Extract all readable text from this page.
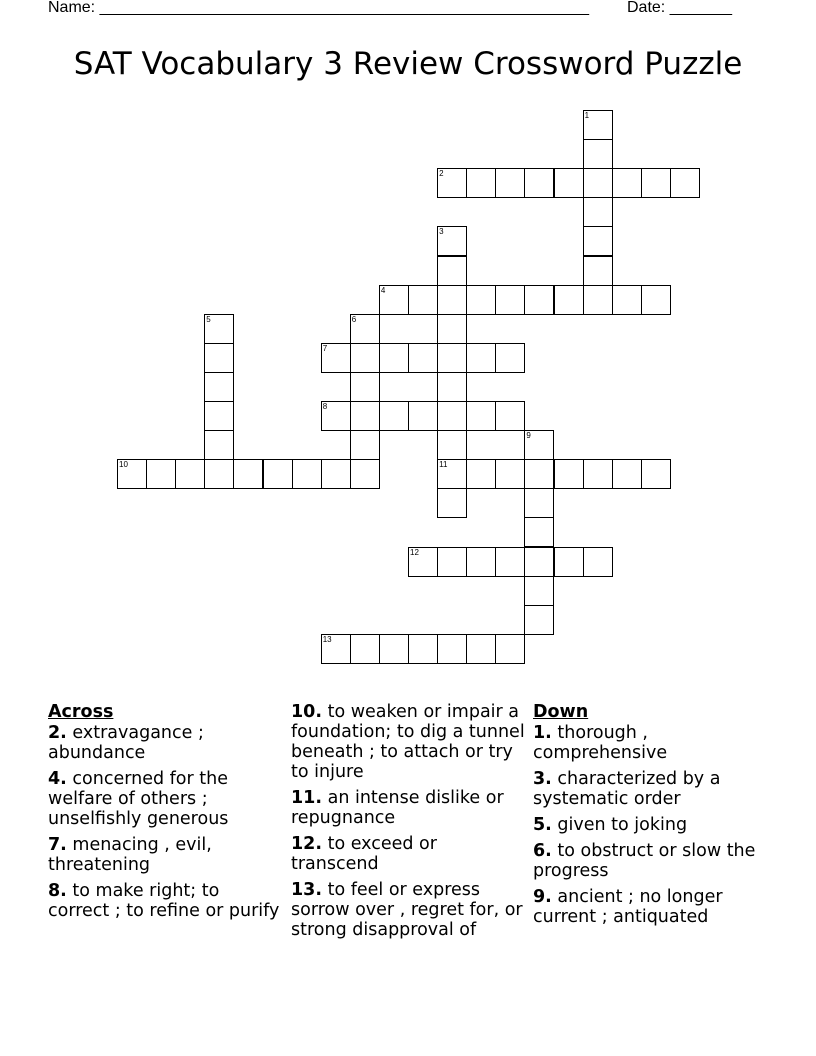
Name: _______________________________________________________ Date: _______
SAT Vocabulary 3 Review Crossword Puzzle
1
2
3
11
4
5	6
7
8
9
10
12
13
Across
2. extravagance ; abundance
4. concerned for the welfare of others ; unselfishly generous
7. menacing , evil, threatening
8. to make right; to correct ; to refine or purify
10. to weaken or impair a foundation; to dig a tunnel beneath ; to attach or try to injure
11. an intense dislike or repugnance
12. to exceed or transcend
13. to feel or express sorrow over , regret for, or strong disapproval of
Down
1. thorough , comprehensive
3. characterized by a systematic order
5. given to joking
6. to obstruct or slow the progress
9. ancient ; no longer current ; antiquated
